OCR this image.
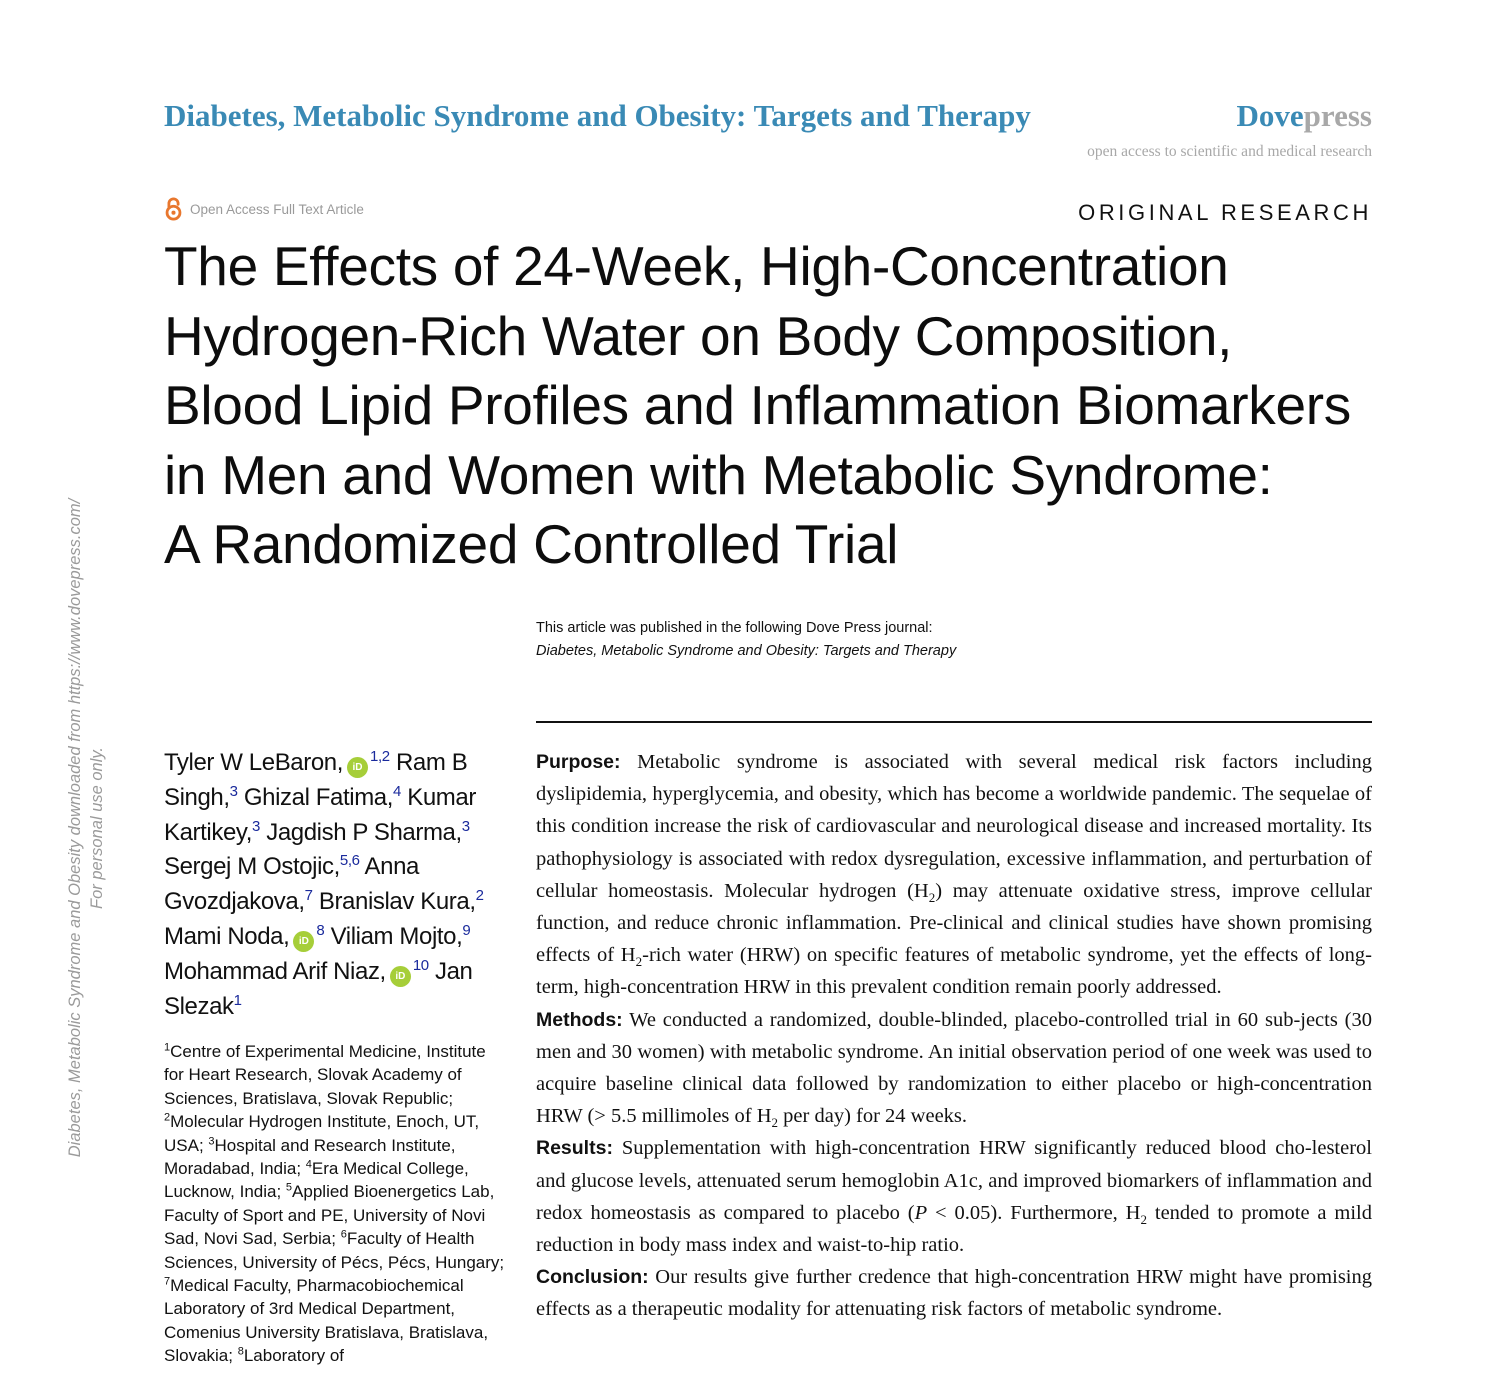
Diabetes, Metabolic Syndrome and Obesity: Targets and Therapy	Dovepress
open access to scientific and medical research
Open Access Full Text Article	ORIGINAL RESEARCH
The Effects of 24-Week, High-Concentration
Hydrogen-Rich Water on Body Composition,
Blood Lipid Profiles and Inflammation Biomarkers
in Men and Women with Metabolic Syndrome:
A Randomized Controlled Trial
This article was published in the following Dove Press journal:
Diabetes, Metabolic Syndrome and Obesity: Targets and Therapy
Diabetes, Metabolic Syndrome and Obesity downloaded from https://www.dovepress.com/ For personal use only. Tyler W LeBaron, iD$^{1,2}$ Ram B Singh,$^3$ Ghizal Fatima,$^4$ Kumar Kartikey,$^3$ Jagdish P Sharma,$^3$ Sergej M Ostojic,$^{5,6}$ Anna Gvozdjakova,$^7$ Branislav Kura,$^2$ Mami Noda, $iD^8$ Viliam Mojto,$^9$ Mohammad Arif Niaz, $iD^{10}$ Jan Slezak$^1$
$^1$Centre of Experimental Medicine, Institute for Heart Research, Slovak Academy of Sciences, Bratislava, Slovak Republic; $^2$Molecular Hydrogen Institute, Enoch, UT, USA; $^3$Hospital and Research Institute, Moradabad, India; $^4$Era Medical College, Lucknow, India; $^5$Applied Bioenergetics Lab, Faculty of Sport and PE, University of Novi Sad, Novi Sad, Serbia; $^6$Faculty of Health Sciences, University of Pécs, Pécs, Hungary; $^7$Medical Faculty, Pharmacobiochemical Laboratory of 3rd Medical Department, Comenius University Bratislava, Bratislava, Slovakia; $^8$Laboratory of

Purpose: Metabolic syndrome is associated with several medical risk factors including dyslipidemia, hyperglycemia, and obesity, which has become a worldwide pandemic. The sequelae of this condition increase the risk of cardiovascular and neurological disease and increased mortality. Its pathophysiology is associated with redox dysregulation, excessive inflammation, and perturbation of cellular homeostasis. Molecular hydrogen $(H_2)$ may attenuate oxidative stress, improve cellular function, and reduce chronic inflammation. Pre-clinical and clinical studies have shown promising effects of $H_2$-rich water (HRW) on specific features of metabolic syndrome, yet the effects of long-term, high-concentration HRW in this prevalent condition remain poorly addressed.

Methods: We conducted a randomized, double-blinded, placebo-controlled trial in 60 sub-jects (30 men and 30 women) with metabolic syndrome. An initial observation period of one week was used to acquire baseline clinical data followed by randomization to either placebo or high-concentration HRW (> 5.5 millimoles of $H_2$ per day) for 24 weeks.

Results: Supplementation with high-concentration HRW significantly reduced blood cho-lesterol and glucose levels, attenuated serum hemoglobin A1c, and improved biomarkers of inflammation and redox homeostasis as compared to placebo (P < 0.05). Furthermore, $H_2$ tended to promote a mild reduction in body mass index and waist-to-hip ratio.

Conclusion: Our results give further credence that high-concentration HRW might have promising effects as a therapeutic modality for attenuating risk factors of metabolic syndrome.
